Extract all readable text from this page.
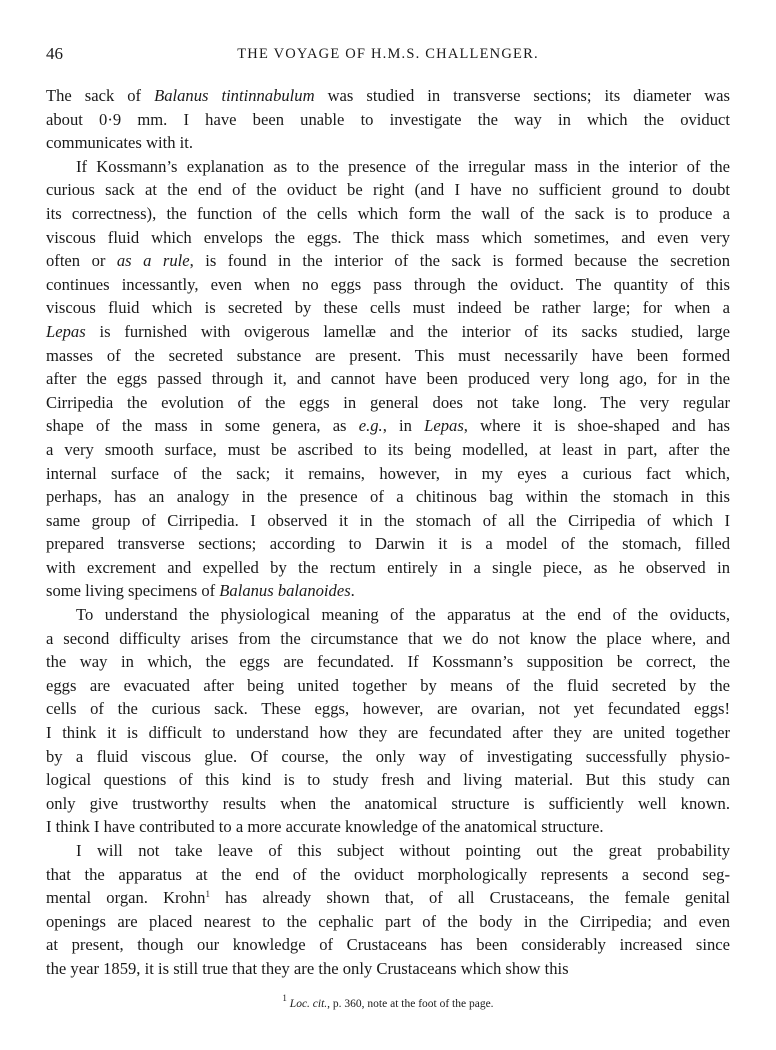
46	THE VOYAGE OF H.M.S. CHALLENGER.
The sack of Balanus tintinnabulum was studied in transverse sections; its diameter was
about 0·9 mm. I have been unable to investigate the way in which the oviduct
communicates with it.
If Kossmann’s explanation as to the presence of the irregular mass in the interior of the
curious sack at the end of the oviduct be right (and I have no sufficient ground to doubt
its correctness), the function of the cells which form the wall of the sack is to produce a
viscous fluid which envelops the eggs. The thick mass which sometimes, and even very
often or as a rule, is found in the interior of the sack is formed because the secretion
continues incessantly, even when no eggs pass through the oviduct. The quantity of this
viscous fluid which is secreted by these cells must indeed be rather large; for when a
Lepas is furnished with ovigerous lamellæ and the interior of its sacks studied, large
masses of the secreted substance are present. This must necessarily have been formed
after the eggs passed through it, and cannot have been produced very long ago, for in the
Cirripedia the evolution of the eggs in general does not take long. The very regular
shape of the mass in some genera, as e.g., in Lepas, where it is shoe-shaped and has
a very smooth surface, must be ascribed to its being modelled, at least in part, after the
internal surface of the sack; it remains, however, in my eyes a curious fact which,
perhaps, has an analogy in the presence of a chitinous bag within the stomach in this
same group of Cirripedia. I observed it in the stomach of all the Cirripedia of which I
prepared transverse sections; according to Darwin it is a model of the stomach, filled
with excrement and expelled by the rectum entirely in a single piece, as he observed in
some living specimens of Balanus balanoides.
To understand the physiological meaning of the apparatus at the end of the oviducts,
a second difficulty arises from the circumstance that we do not know the place where, and
the way in which, the eggs are fecundated. If Kossmann’s supposition be correct, the
eggs are evacuated after being united together by means of the fluid secreted by the
cells of the curious sack. These eggs, however, are ovarian, not yet fecundated eggs!
I think it is difficult to understand how they are fecundated after they are united together
by a fluid viscous glue. Of course, the only way of investigating successfully physio-
logical questions of this kind is to study fresh and living material. But this study can
only give trustworthy results when the anatomical structure is sufficiently well known.
I think I have contributed to a more accurate knowledge of the anatomical structure.
I will not take leave of this subject without pointing out the great probability
that the apparatus at the end of the oviduct morphologically represents a second seg-
mental organ. Krohn$^1$ has already shown that, of all Crustaceans, the female genital
openings are placed nearest to the cephalic part of the body in the Cirripedia; and even
at present, though our knowledge of Crustaceans has been considerably increased since
the year 1859, it is still true that they are the only Crustaceans which show this
$^1$ Loc. cit., p. 360, note at the foot of the page.
